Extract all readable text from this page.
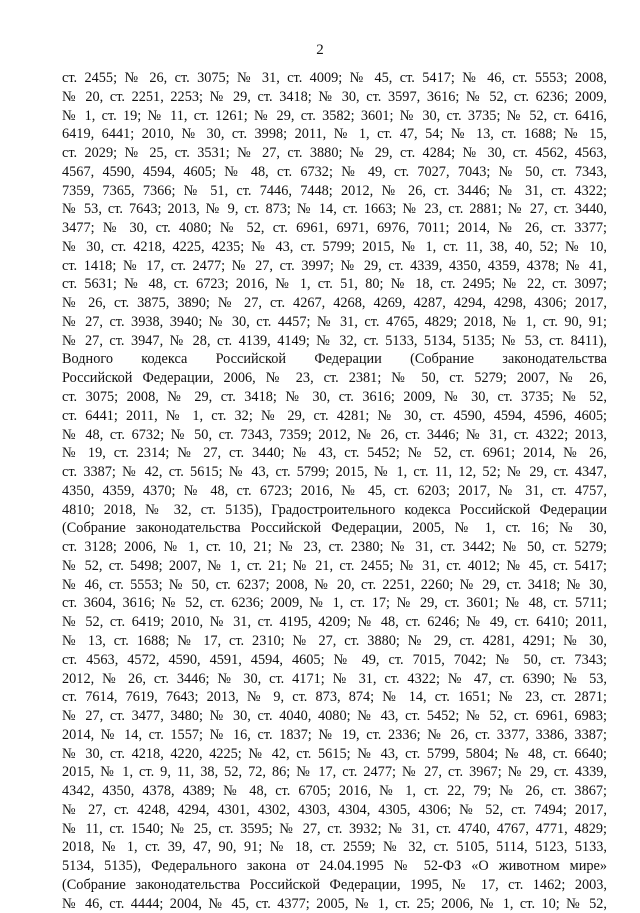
2

ст. 2455; № 26, ст. 3075; № 31, ст. 4009; № 45, ст. 5417; № 46, ст. 5553; 2008,
№ 20, ст. 2251, 2253; № 29, ст. 3418; № 30, ст. 3597, 3616; № 52, ст. 6236; 2009,
№ 1, ст. 19; № 11, ст. 1261; № 29, ст. 3582; 3601; № 30, ст. 3735; № 52, ст. 6416,
6419, 6441; 2010, № 30, ст. 3998; 2011, № 1, ст. 47, 54; № 13, ст. 1688; № 15,
ст. 2029; № 25, ст. 3531; № 27, ст. 3880; № 29, ст. 4284; № 30, ст. 4562, 4563,
4567, 4590, 4594, 4605; № 48, ст. 6732; № 49, ст. 7027, 7043; № 50, ст. 7343,
7359, 7365, 7366; № 51, ст. 7446, 7448; 2012, № 26, ст. 3446; № 31, ст. 4322;
№ 53, ст. 7643; 2013, № 9, ст. 873; № 14, ст. 1663; № 23, ст. 2881; № 27, ст. 3440,
3477; № 30, ст. 4080; № 52, ст. 6961, 6971, 6976, 7011; 2014, № 26, ст. 3377;
№ 30, ст. 4218, 4225, 4235; № 43, ст. 5799; 2015, № 1, ст. 11, 38, 40, 52; № 10,
ст. 1418; № 17, ст. 2477; № 27, ст. 3997; № 29, ст. 4339, 4350, 4359, 4378; № 41,
ст. 5631; № 48, ст. 6723; 2016, № 1, ст. 51, 80; № 18, ст. 2495; № 22, ст. 3097;
№ 26, ст. 3875, 3890; № 27, ст. 4267, 4268, 4269, 4287, 4294, 4298, 4306; 2017,
№ 27, ст. 3938, 3940; № 30, ст. 4457; № 31, ст. 4765, 4829; 2018, № 1, ст. 90, 91;
№ 27, ст. 3947, № 28, ст. 4139, 4149; № 32, ст. 5133, 5134, 5135; № 53, ст. 8411),
Водного кодекса Российской Федерации (Собрание законодательства
Российской Федерации, 2006, № 23, ст. 2381; № 50, ст. 5279; 2007, № 26,
ст. 3075; 2008, № 29, ст. 3418; № 30, ст. 3616; 2009, № 30, ст. 3735; № 52,
ст. 6441; 2011, № 1, ст. 32; № 29, ст. 4281; № 30, ст. 4590, 4594, 4596, 4605;
№ 48, ст. 6732; № 50, ст. 7343, 7359; 2012, № 26, ст. 3446; № 31, ст. 4322; 2013,
№ 19, ст. 2314; № 27, ст. 3440; № 43, ст. 5452; № 52, ст. 6961; 2014, № 26,
ст. 3387; № 42, ст. 5615; № 43, ст. 5799; 2015, № 1, ст. 11, 12, 52; № 29, ст. 4347,
4350, 4359, 4370; № 48, ст. 6723; 2016, № 45, ст. 6203; 2017, № 31, ст. 4757,
4810; 2018, № 32, ст. 5135), Градостроительного кодекса Российской Федерации
(Собрание законодательства Российской Федерации, 2005, № 1, ст. 16; № 30,
ст. 3128; 2006, № 1, ст. 10, 21; № 23, ст. 2380; № 31, ст. 3442; № 50, ст. 5279;
№ 52, ст. 5498; 2007, № 1, ст. 21; № 21, ст. 2455; № 31, ст. 4012; № 45, ст. 5417;
№ 46, ст. 5553; № 50, ст. 6237; 2008, № 20, ст. 2251, 2260; № 29, ст. 3418; № 30,
ст. 3604, 3616; № 52, ст. 6236; 2009, № 1, ст. 17; № 29, ст. 3601; № 48, ст. 5711;
№ 52, ст. 6419; 2010, № 31, ст. 4195, 4209; № 48, ст. 6246; № 49, ст. 6410; 2011,
№ 13, ст. 1688; № 17, ст. 2310; № 27, ст. 3880; № 29, ст. 4281, 4291; № 30,
ст. 4563, 4572, 4590, 4591, 4594, 4605; № 49, ст. 7015, 7042; № 50, ст. 7343;
2012, № 26, ст. 3446; № 30, ст. 4171; № 31, ст. 4322; № 47, ст. 6390; № 53,
ст. 7614, 7619, 7643; 2013, № 9, ст. 873, 874; № 14, ст. 1651; № 23, ст. 2871;
№ 27, ст. 3477, 3480; № 30, ст. 4040, 4080; № 43, ст. 5452; № 52, ст. 6961, 6983;
2014, № 14, ст. 1557; № 16, ст. 1837; № 19, ст. 2336; № 26, ст. 3377, 3386, 3387;
№ 30, ст. 4218, 4220, 4225; № 42, ст. 5615; № 43, ст. 5799, 5804; № 48, ст. 6640;
2015, № 1, ст. 9, 11, 38, 52, 72, 86; № 17, ст. 2477; № 27, ст. 3967; № 29, ст. 4339,
4342, 4350, 4378, 4389; № 48, ст. 6705; 2016, № 1, ст. 22, 79; № 26, ст. 3867;
№ 27, ст. 4248, 4294, 4301, 4302, 4303, 4304, 4305, 4306; № 52, ст. 7494; 2017,
№ 11, ст. 1540; № 25, ст. 3595; № 27, ст. 3932; № 31, ст. 4740, 4767, 4771, 4829;
2018, № 1, ст. 39, 47, 90, 91; № 18, ст. 2559; № 32, ст. 5105, 5114, 5123, 5133,
5134, 5135), Федерального закона от 24.04.1995 № 52-ФЗ «О животном мире»
(Собрание законодательства Российской Федерации, 1995, № 17, ст. 1462; 2003,
№ 46, ст. 4444; 2004, № 45, ст. 4377; 2005, № 1, ст. 25; 2006, № 1, ст. 10; № 52,
